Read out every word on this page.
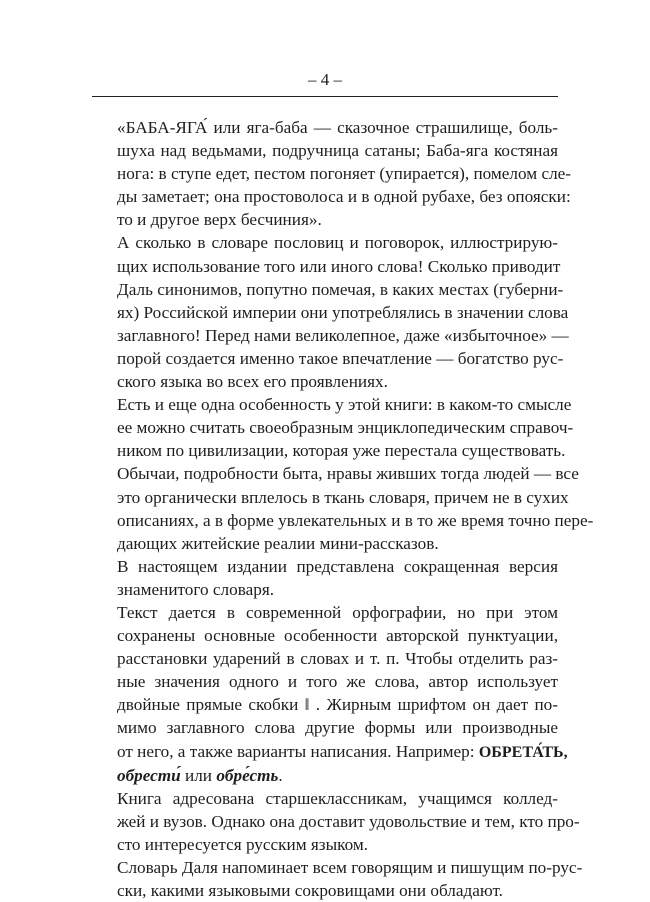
– 4 –

«БАБА-ЯГА́ или яга-баба — сказочное страшилище, боль-
шуха над ведьмами, подручница сатаны; Баба-яга костяная
нога: в ступе едет, пестом погоняет (упирается), помелом сле-
ды заметает; она простоволоса и в одной рубахе, без опояски:
то и другое верх бесчиния».

А сколько в словаре пословиц и поговорок, иллюстрирую-
щих использование того или иного слова! Сколько приводит
Даль синонимов, попутно помечая, в каких местах (губерни-
ях) Российской империи они употреблялись в значении слова
заглавного! Перед нами великолепное, даже «избыточное» —
порой создается именно такое впечатление — богатство рус-
ского языка во всех его проявлениях.

Есть и еще одна особенность у этой книги: в каком-то смысле
ее можно считать своеобразным энциклопедическим справоч-
ником по цивилизации, которая уже перестала существовать.
Обычаи, подробности быта, нравы живших тогда людей — все
это органически вплелось в ткань словаря, причем не в сухих
описаниях, а в форме увлекательных и в то же время точно пере-
дающих житейские реалии мини-рассказов.

В настоящем издании представлена сокращенная версия
знаменитого словаря.

Текст дается в современной орфографии, но при этом
сохранены основные особенности авторской пунктуации,
расстановки ударений в словах и т. п. Чтобы отделить раз-
ные значения одного и того же слова, автор использует
двойные прямые скобки ‖ . Жирным шрифтом он дает по-
мимо заглавного слова другие формы или производные
от него, а также варианты написания. Например: ОБРЕТА́ТЬ,
обрести́ или обре́сть.

Книга адресована старшеклассникам, учащимся коллед-
жей и вузов. Однако она доставит удовольствие и тем, кто про-
сто интересуется русским языком.

Словарь Даля напоминает всем говорящим и пишущим по-рус-
ски, какими языковыми сокровищами они обладают.
